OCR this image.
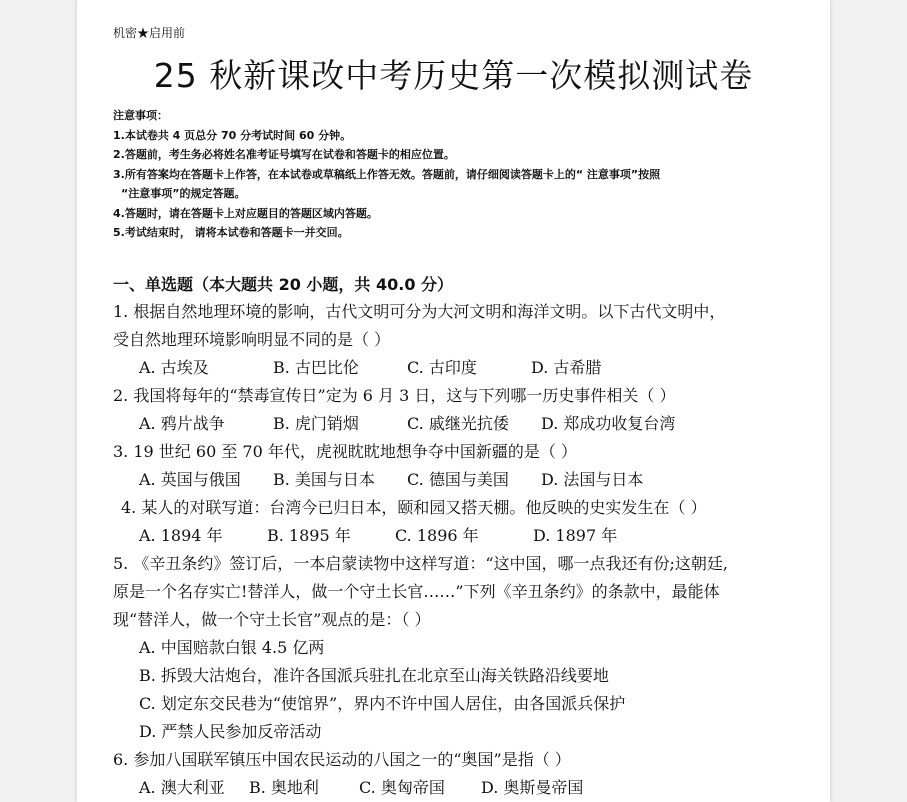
机密★启用前
25 秋新课改中考历史第一次模拟测试卷
注意事项：
1.本试卷共 4 页总分 70 分考试时间 60 分钟。
2.答题前，考生务必将姓名准考证号填写在试卷和答题卡的相应位置。
3.所有答案均在答题卡上作答，在本试卷或草稿纸上作答无效。答题前，请仔细阅读答题卡上的“ 注意事项”按照
“注意事项”的规定答题。
4.答题时，请在答题卡上对应题目的答题区域内答题。
5.考试结束时， 请将本试卷和答题卡一并交回。
一、单选题（本大题共 20 小题，共 40.0 分）
1. 根据自然地理环境的影响，古代文明可分为大河文明和海洋文明。以下古代文明中，
受自然地理环境影响明显不同的是（ ）
A. 古埃及	B. 古巴比伦	C. 古印度	D. 古希腊
2. 我国将每年的“禁毒宣传日”定为 6 月 3 日，这与下列哪一历史事件相关（ ）
A. 鸦片战争	B. 虎门销烟	C. 戚继光抗倭 D. 郑成功收复台湾
3. 19 世纪 60 至 70 年代，虎视眈眈地想争夺中国新疆的是（ ）
A. 英国与俄国 B. 美国与日本 C. 德国与美国 D. 法国与日本
4. 某人的对联写道：台湾今已归日本，颐和园又搭天棚。他反映的史实发生在（ ）
A. 1894 年	B. 1895 年	C. 1896 年	D. 1897 年
5. 《辛丑条约》签订后，一本启蒙读物中这样写道：“这中国，哪一点我还有份;这朝廷,
原是一个名存实亡!替洋人，做一个守土长官……”下列《辛丑条约》的条款中，最能体
现“替洋人，做一个守土长官”观点的是：（ ）
A. 中国赔款白银 4.5 亿两
B. 拆毁大沽炮台，准许各国派兵驻扎在北京至山海关铁路沿线要地
C. 划定东交民巷为“使馆界”，界内不许中国人居住，由各国派兵保护
D. 严禁人民参加反帝活动
6. 参加八国联军镇压中国农民运动的八国之一的“奥国”是指（ ）
A. 澳大利亚 B. 奥地利	C. 奥匈帝国 D. 奥斯曼帝国
